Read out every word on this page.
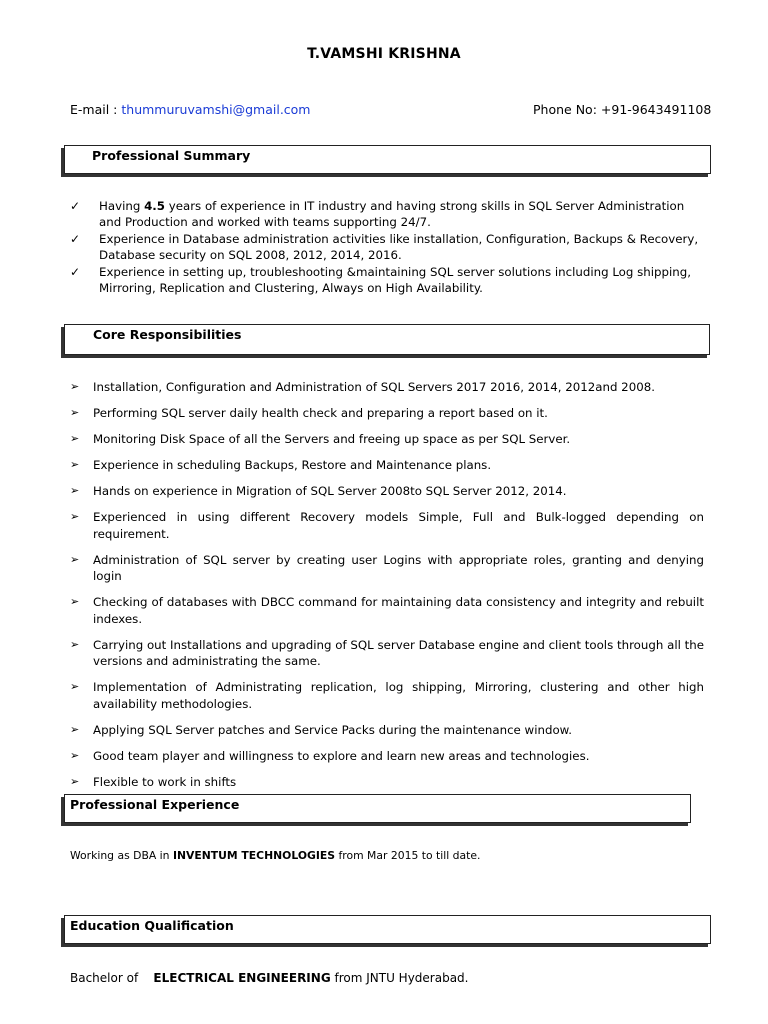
T.VAMSHI KRISHNA
E-mail : thummuruvamshi@gmail.com	Phone No: +91-9643491108
Professional Summary
✓ Having 4.5 years of experience in IT industry and having strong skills in SQL Server Administration and Production and worked with teams supporting 24/7.
✓ Experience in Database administration activities like installation, Configuration, Backups & Recovery, Database security on SQL 2008, 2012, 2014, 2016.
✓ Experience in setting up, troubleshooting &maintaining SQL server solutions including Log shipping, Mirroring, Replication and Clustering, Always on High Availability.
Core Responsibilities
➢ Installation, Configuration and Administration of SQL Servers 2017 2016, 2014, 2012and 2008.
➢ Performing SQL server daily health check and preparing a report based on it.
➢ Monitoring Disk Space of all the Servers and freeing up space as per SQL Server.
➢ Experience in scheduling Backups, Restore and Maintenance plans.
➢ Hands on experience in Migration of SQL Server 2008to SQL Server 2012, 2014.
➢ Experienced in using different Recovery models Simple, Full and Bulk-logged depending on requirement.
➢ Administration of SQL server by creating user Logins with appropriate roles, granting and denying login
➢ Checking of databases with DBCC command for maintaining data consistency and integrity and rebuilt indexes.
➢ Carrying out Installations and upgrading of SQL server Database engine and client tools through all the versions and administrating the same.
➢ Implementation of Administrating replication, log shipping, Mirroring, clustering and other high availability methodologies.
➢ Applying SQL Server patches and Service Packs during the maintenance window.
➢ Good team player and willingness to explore and learn new areas and technologies.
➢ Flexible to work in shifts
Professional Experience
Working as DBA in INVENTUM TECHNOLOGIES from Mar 2015 to till date.
Education Qualification
Bachelor of    ELECTRICAL ENGINEERING from JNTU Hyderabad.
